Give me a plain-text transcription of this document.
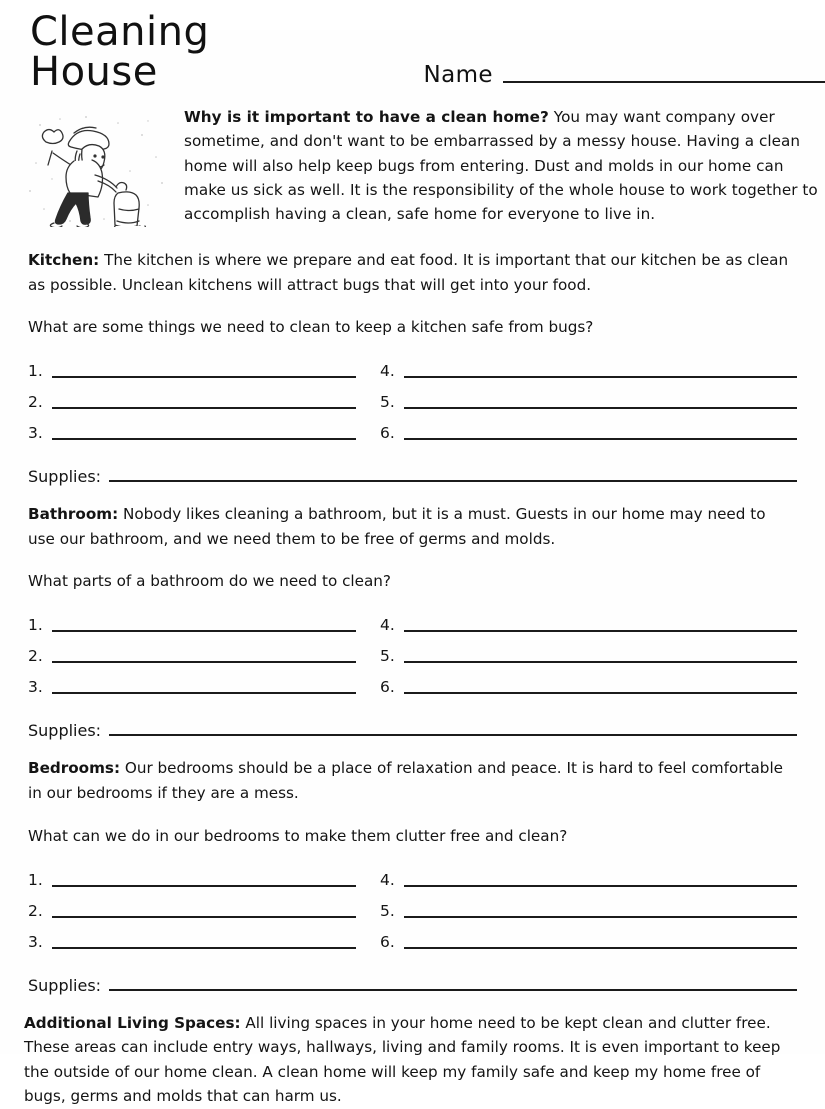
Cleaning House	Name
Why is it important to have a clean home? You may want company over sometime, and don't want to be embarrassed by a messy house. Having a clean home will also help keep bugs from entering. Dust and molds in our home can make us sick as well. It is the responsibility of the whole house to work together to accomplish having a clean, safe home for everyone to live in.
Kitchen: The kitchen is where we prepare and eat food. It is important that our kitchen be as clean as possible. Unclean kitchens will attract bugs that will get into your food.
What are some things we need to clean to keep a kitchen safe from bugs?
1.	4.
2.	5.
3.	6.
Supplies:
Bathroom: Nobody likes cleaning a bathroom, but it is a must. Guests in our home may need to use our bathroom, and we need them to be free of germs and molds.
What parts of a bathroom do we need to clean?
1.	4.
2.	5.
3.	6.
Supplies:
Bedrooms: Our bedrooms should be a place of relaxation and peace. It is hard to feel comfortable in our bedrooms if they are a mess.
What can we do in our bedrooms to make them clutter free and clean?
1.	4.
2.	5.
3.	6.
Supplies:
Additional Living Spaces: All living spaces in your home need to be kept clean and clutter free. These areas can include entry ways, hallways, living and family rooms. It is even important to keep the outside of our home clean. A clean home will keep my family safe and keep my home free of bugs, germs and molds that can harm us.
